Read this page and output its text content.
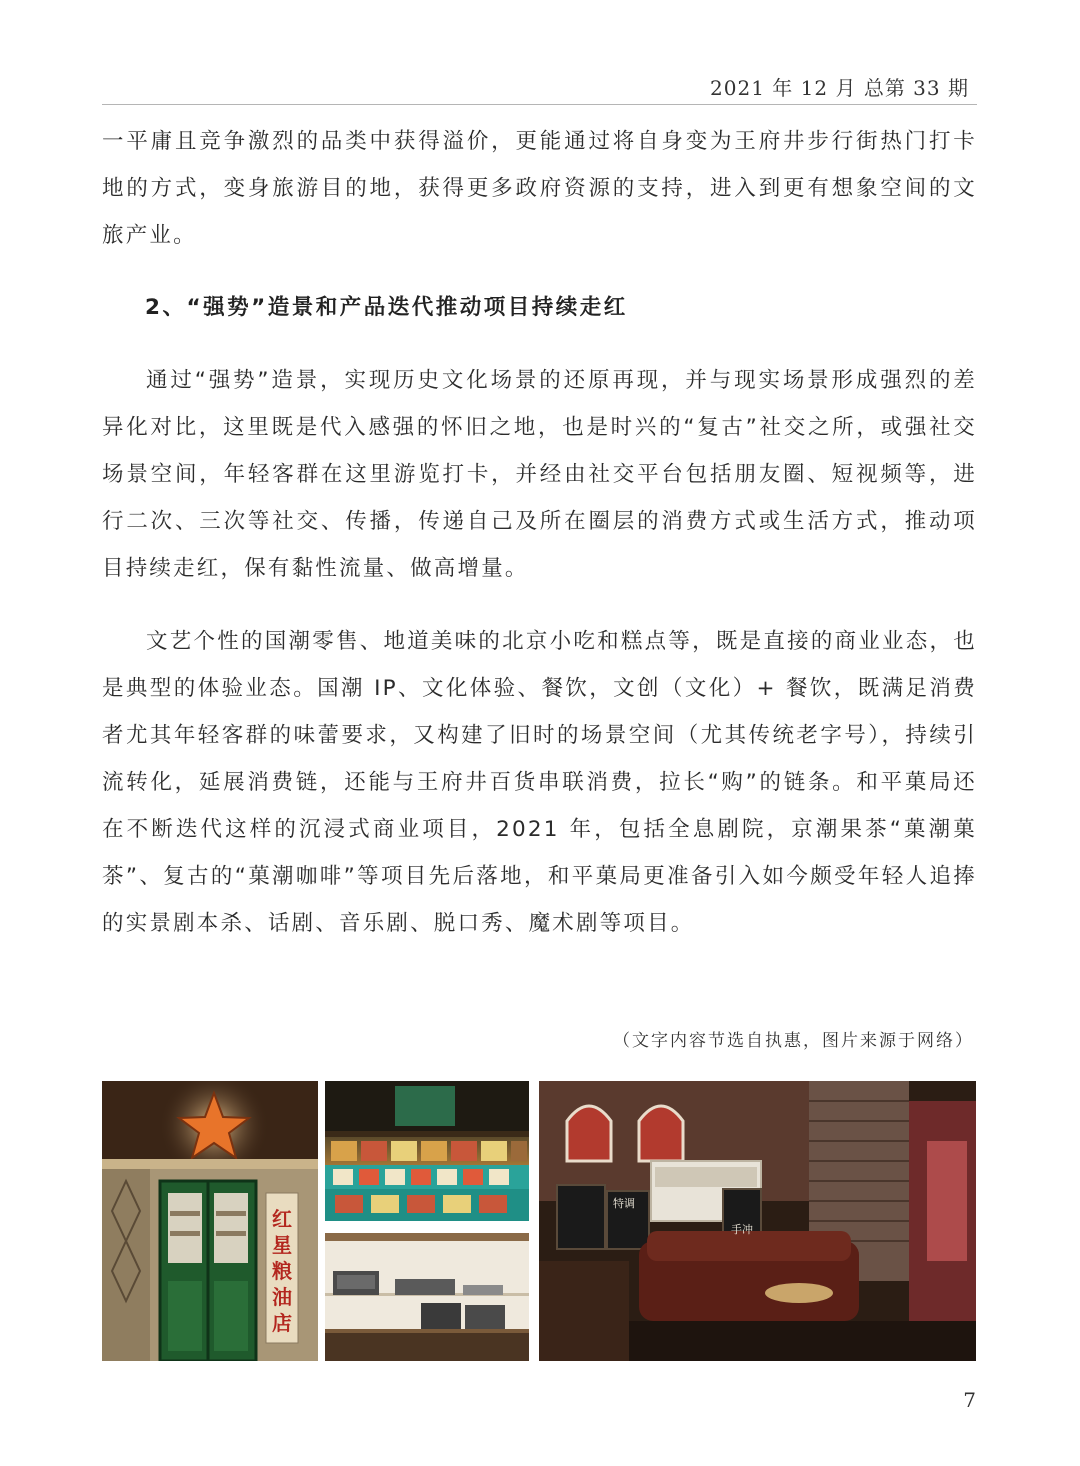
2021 年 12 月 总第 33 期

一平庸且竞争激烈的品类中获得溢价，更能通过将自身变为王府井步行街热门打卡地的方式，变身旅游目的地，获得更多政府资源的支持，进入到更有想象空间的文旅产业。

2、“强势”造景和产品迭代推动项目持续走红

通过“强势”造景，实现历史文化场景的还原再现，并与现实场景形成强烈的差异化对比，这里既是代入感强的怀旧之地，也是时兴的“复古”社交之所，或强社交场景空间，年轻客群在这里游览打卡，并经由社交平台包括朋友圈、短视频等，进行二次、三次等社交、传播，传递自己及所在圈层的消费方式或生活方式，推动项目持续走红，保有黏性流量、做高增量。

文艺个性的国潮零售、地道美味的北京小吃和糕点等，既是直接的商业业态，也是典型的体验业态。国潮 IP、文化体验、餐饮，文创（文化）+ 餐饮，既满足消费者尤其年轻客群的味蕾要求，又构建了旧时的场景空间（尤其传统老字号），持续引流转化，延展消费链，还能与王府井百货串联消费，拉长“购”的链条。和平菓局还在不断迭代这样的沉浸式商业项目，2021 年，包括全息剧院，京潮果茶“菓潮菓茶”、复古的“菓潮咖啡”等项目先后落地，和平菓局更准备引入如今颇受年轻人追捧的实景剧本杀、话剧、音乐剧、脱口秀、魔术剧等项目。

（文字内容节选自执惠，图片来源于网络）
红星粮油店
特调
手冲
7
